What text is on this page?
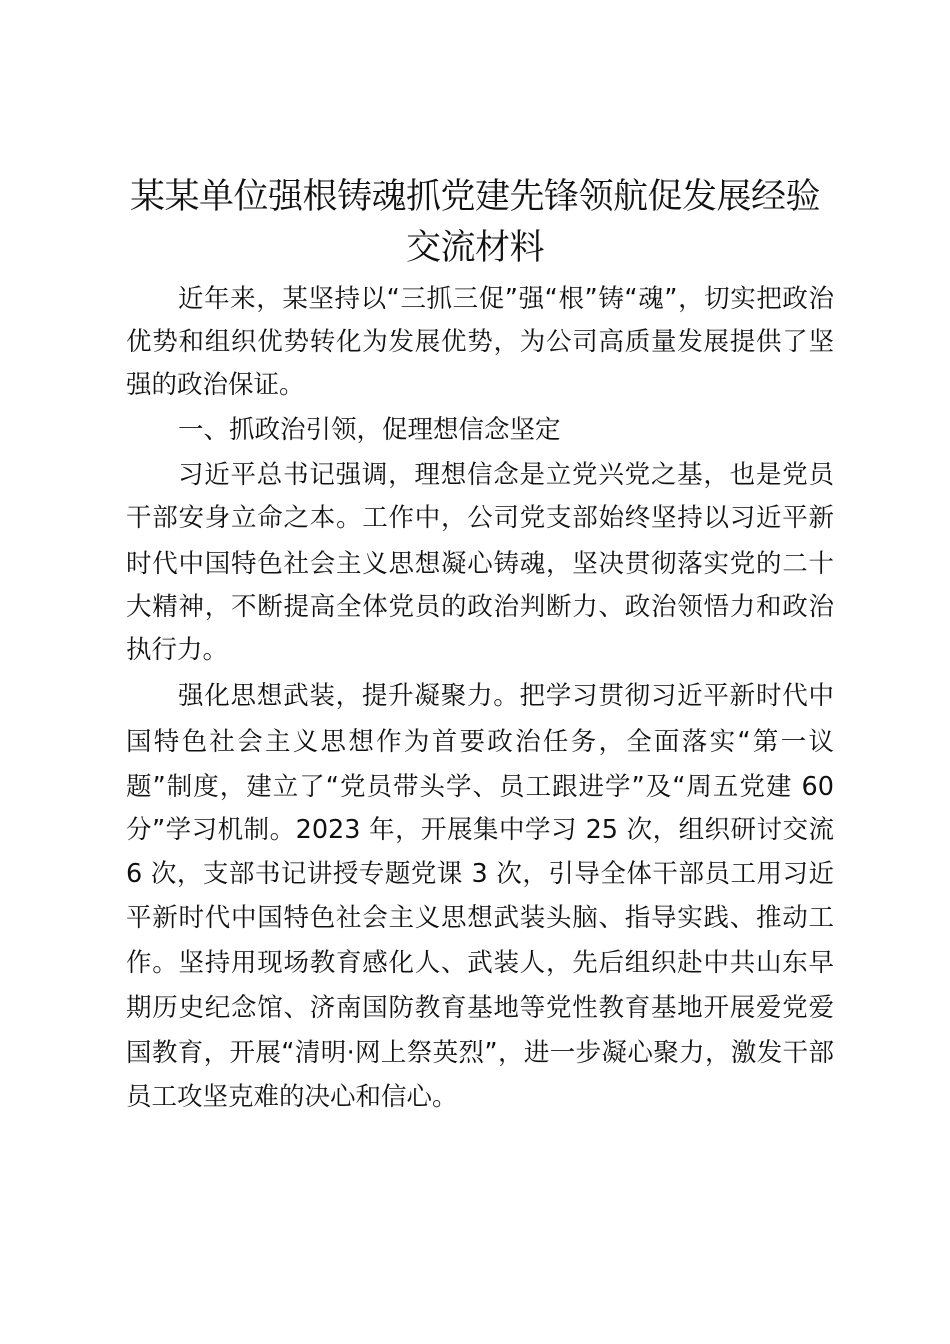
某某单位强根铸魂抓党建先锋领航促发展经验
交流材料

近年来，某坚持以“三抓三促”强“根”铸“魂”，切实把政治

优势和组织优势转化为发展优势，为公司高质量发展提供了坚

强的政治保证。

一、抓政治引领，促理想信念坚定

习近平总书记强调，理想信念是立党兴党之基，也是党员

干部安身立命之本。工作中，公司党支部始终坚持以习近平新

时代中国特色社会主义思想凝心铸魂，坚决贯彻落实党的二十

大精神，不断提高全体党员的政治判断力、政治领悟力和政治

执行力。

强化思想武装，提升凝聚力。把学习贯彻习近平新时代中

国特色社会主义思想作为首要政治任务，全面落实“第一议

题”制度，建立了“党员带头学、员工跟进学”及“周五党建 60

分”学习机制。2023 年，开展集中学习 25 次，组织研讨交流

6 次，支部书记讲授专题党课 3 次，引导全体干部员工用习近

平新时代中国特色社会主义思想武装头脑、指导实践、推动工

作。坚持用现场教育感化人、武装人，先后组织赴中共山东早

期历史纪念馆、济南国防教育基地等党性教育基地开展爱党爱

国教育，开展“清明·网上祭英烈”，进一步凝心聚力，激发干部

员工攻坚克难的决心和信心。
